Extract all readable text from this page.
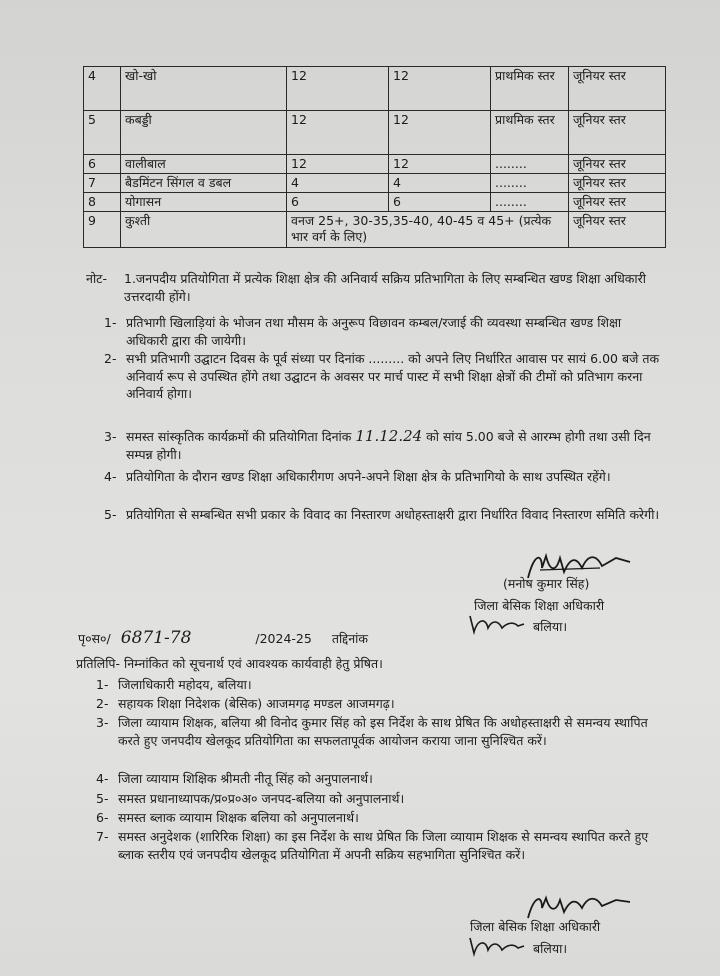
4	खो-खो	12	12	प्राथमिक स्तर	जूनियर स्तर
5	कबड्डी	12	12	प्राथमिक स्तर	जूनियर स्तर
6	वालीबाल	12	12	........	जूनियर स्तर
7	बैडमिंटन सिंगल व डबल	4	4	........	जूनियर स्तर
8	योगासन	6	6	........	जूनियर स्तर
9	कुश्ती	वनज 25+, 30-35,35-40, 40-45 व 45+ (प्रत्येक भार वर्ग के लिए)			जूनियर स्तर
नोट- 1.जनपदीय प्रतियोगिता में प्रत्येक शिक्षा क्षेत्र की अनिवार्य सक्रिय प्रतिभागिता के लिए सम्बन्धित खण्ड शिक्षा अधिकारी उत्तरदायी होंगे।
1- प्रतिभागी खिलाड़ियां के भोजन तथा मौसम के अनुरूप विछावन कम्बल/रजाई की व्यवस्था सम्बन्धित खण्ड शिक्षा अधिकारी द्वारा की जायेगी।
2- सभी प्रतिभागी उद्घाटन दिवस के पूर्व संध्या पर दिनांक ......... को अपने लिए निर्धारित आवास पर सायं 6.00 बजे तक अनिवार्य रूप से उपस्थित होंगे तथा उद्घाटन के अवसर पर मार्च पास्ट में सभी शिक्षा क्षेत्रों की टीमों को प्रतिभाग करना अनिवार्य होगा।
3- समस्त सांस्कृतिक कार्यक्रमों की प्रतियोगिता दिनांक 11.12.24 को सांय 5.00 बजे से आरम्भ होगी तथा उसी दिन सम्पन्न होगी।
4- प्रतियोगिता के दौरान खण्ड शिक्षा अधिकारीगण अपने-अपने शिक्षा क्षेत्र के प्रतिभागियो के साथ उपस्थित रहेंगे।
5- प्रतियोगिता से सम्बन्धित सभी प्रकार के विवाद का निस्तारण अधोहस्ताक्षरी द्वारा निर्धारित विवाद निस्तारण समिति करेगी।
(मनोष कुमार सिंह)
जिला बेसिक शिक्षा अधिकारी
बलिया।
पृ०स०/ 6871-78	/2024-25 तद्दिनांक
प्रतिलिपि- निम्नांकित को सूचनार्थ एवं आवश्यक कार्यवाही हेतु प्रेषित।
1- जिलाधिकारी महोदय, बलिया।
2- सहायक शिक्षा निदेशक (बेसिक) आजमगढ़ मण्डल आजमगढ़।
3- जिला व्यायाम शिक्षक, बलिया श्री विनोद कुमार सिंह को इस निर्देश के साथ प्रेषित कि अधोहस्ताक्षरी से समन्वय स्थापित करते हुए जनपदीय खेलकूद प्रतियोगिता का सफलतापूर्वक आयोजन कराया जाना सुनिश्चित करें।
4- जिला व्यायाम शिक्षिक श्रीमती नीतू सिंह को अनुपालनार्थ।
5- समस्त प्रधानाध्यापक/प्र०प्र०अ० जनपद-बलिया को अनुपालनार्थ।
6- समस्त ब्लाक व्यायाम शिक्षक बलिया को अनुपालनार्थ।
7- समस्त अनुदेशक (शारिरिक शिक्षा) का इस निर्देश के साथ प्रेषित कि जिला व्यायाम शिक्षक से समन्वय स्थापित करते हुए ब्लाक स्तरीय एवं जनपदीय खेलकूद प्रतियोगिता में अपनी सक्रिय सहभागिता सुनिश्चित करें।
जिला बेसिक शिक्षा अधिकारी
बलिया।
